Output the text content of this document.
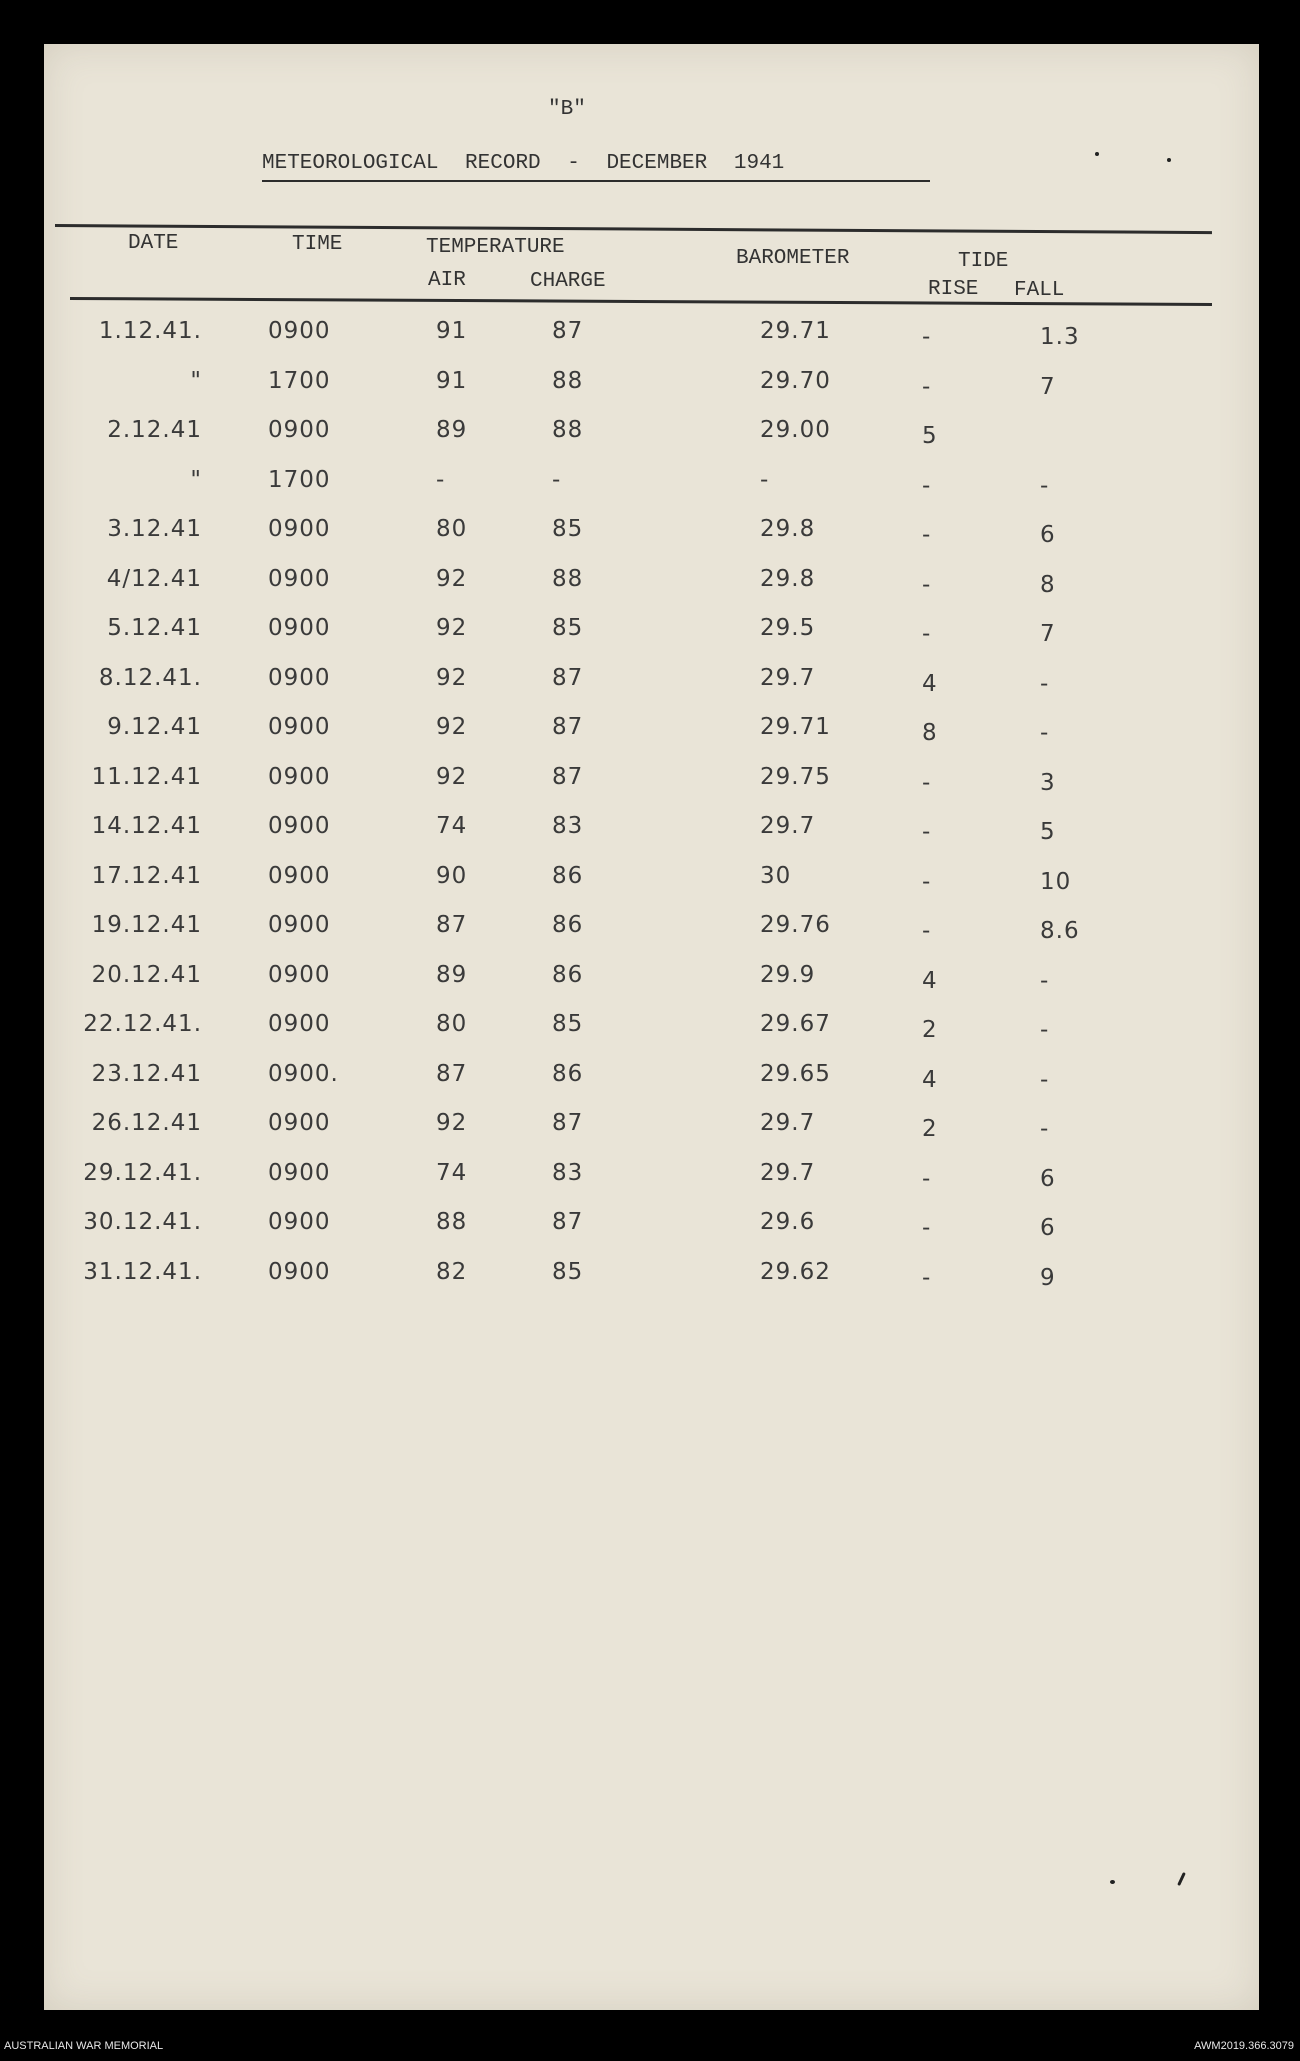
"B"
METEOROLOGICAL RECORD - DECEMBER 1941
DATE	TIME	TEMPERATURE
AIR	CHARGE
BAROMETER	TIDE
RISE FALL
1.12.41.	0900	91	87	29.71	-	1.3
"	1700	91	88	29.70	-	7
2.12.41	0900	89	88	29.00	5
"	1700	-	-	-	-	-
3.12.41	0900	80	85	29.8	-	6
4/12.41	0900	92	88	29.8	-	8
5.12.41	0900	92	85	29.5	-	7
8.12.41.	0900	92	87	29.7	4	-
9.12.41	0900	92	87	29.71	8	-
11.12.41	0900	92	87	29.75	-	3
14.12.41	0900	74	83	29.7	-	5
17.12.41	0900	90	86	30	-	10
19.12.41	0900	87	86	29.76	-	8.6
20.12.41	0900	89	86	29.9	4	-
22.12.41.	0900	80	85	29.67	2	-
23.12.41	0900.	87	86	29.65	4	-
26.12.41	0900	92	87	29.7	2	-
29.12.41.	0900	74	83	29.7	-	6
30.12.41.	0900	88	87	29.6	-	6
31.12.41.	0900	82	85	29.62	-	9
AUSTRALIAN WAR MEMORIAL	AWM2019.366.3079
